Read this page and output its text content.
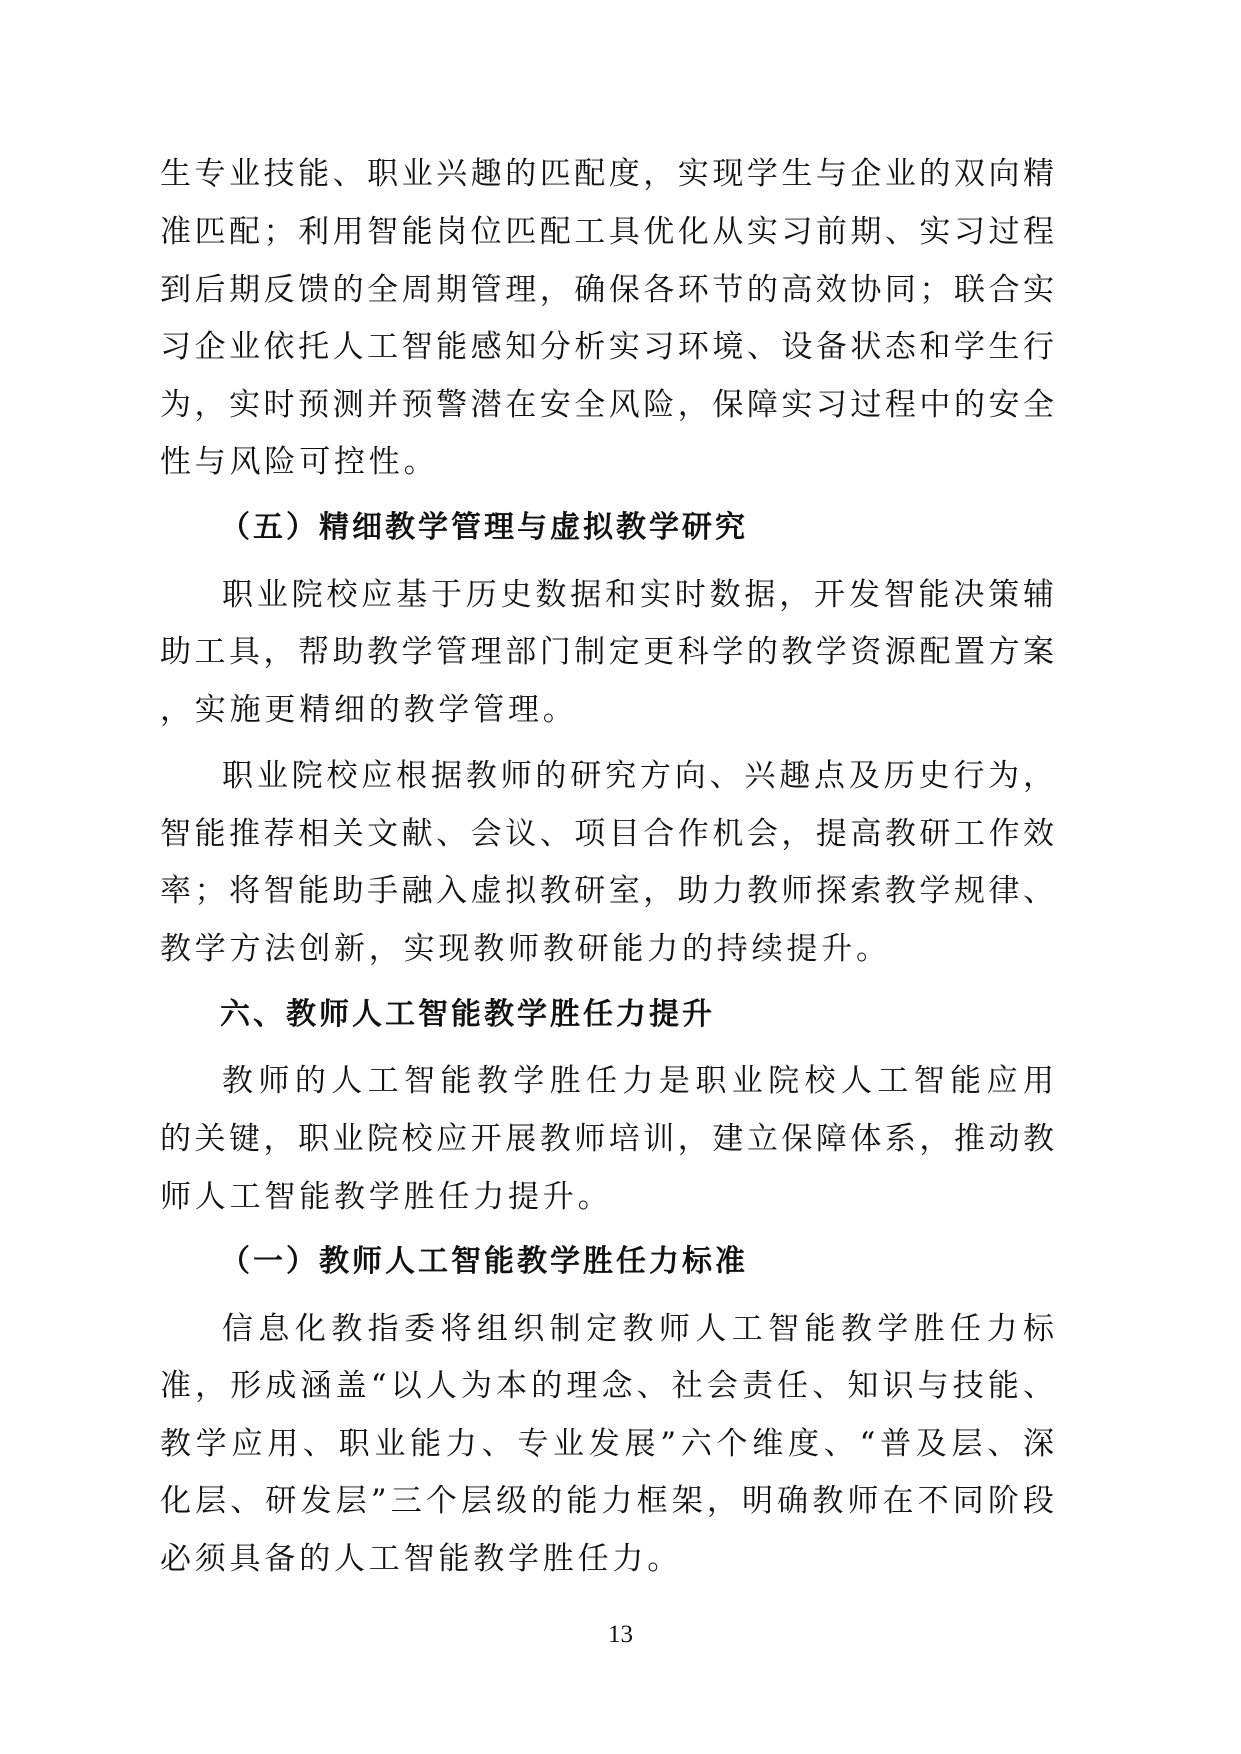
生专业技能、职业兴趣的匹配度，实现学生与企业的双向精
准匹配；利用智能岗位匹配工具优化从实习前期、实习过程
到后期反馈的全周期管理，确保各环节的高效协同；联合实
习企业依托人工智能感知分析实习环境、设备状态和学生行
为，实时预测并预警潜在安全风险，保障实习过程中的安全
性与风险可控性。
（五）精细教学管理与虚拟教学研究
职业院校应基于历史数据和实时数据，开发智能决策辅
助工具，帮助教学管理部门制定更科学的教学资源配置方案
，实施更精细的教学管理。
职业院校应根据教师的研究方向、兴趣点及历史行为，
智能推荐相关文献、会议、项目合作机会，提高教研工作效
率；将智能助手融入虚拟教研室，助力教师探索教学规律、
教学方法创新，实现教师教研能力的持续提升。
六、教师人工智能教学胜任力提升
教师的人工智能教学胜任力是职业院校人工智能应用
的关键，职业院校应开展教师培训，建立保障体系，推动教
师人工智能教学胜任力提升。
（一）教师人工智能教学胜任力标准
信息化教指委将组织制定教师人工智能教学胜任力标
准，形成涵盖“以人为本的理念、社会责任、知识与技能、
教学应用、职业能力、专业发展”六个维度、“普及层、深
化层、研发层”三个层级的能力框架，明确教师在不同阶段
必须具备的人工智能教学胜任力。
13
